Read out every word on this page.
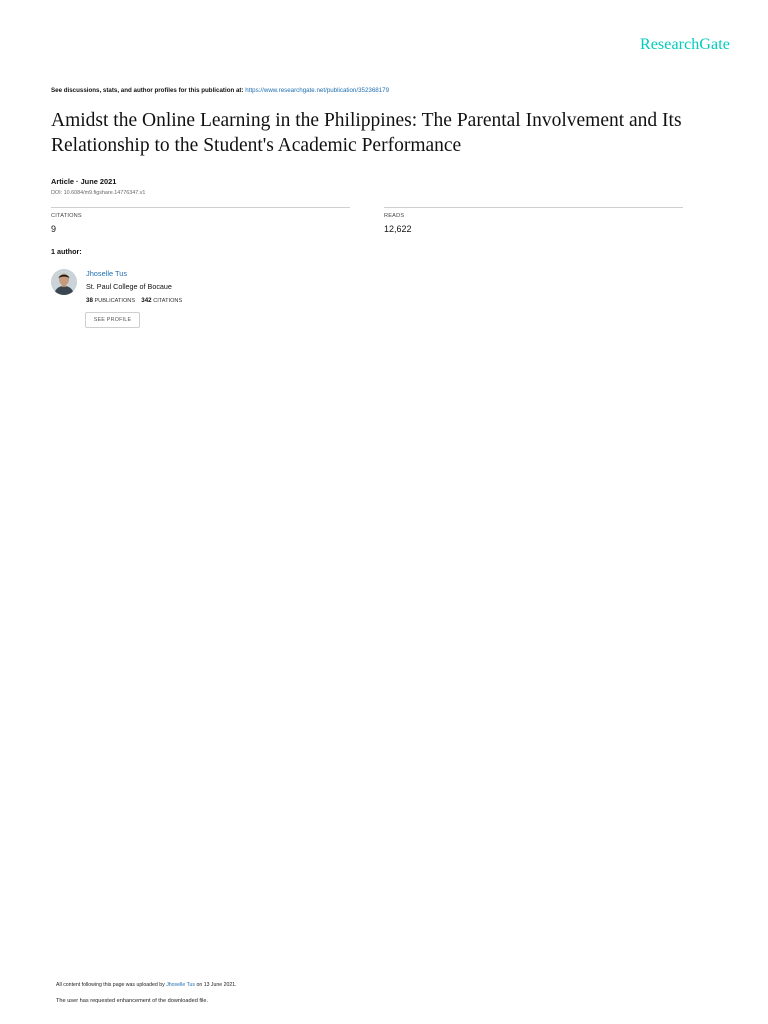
ResearchGate
See discussions, stats, and author profiles for this publication at: https://www.researchgate.net/publication/352368179
Amidst the Online Learning in the Philippines: The Parental Involvement and Its Relationship to the Student's Academic Performance
Article · June 2021
DOI: 10.6084/m9.figshare.14776347.v1
CITATIONS
9
READS
12,622
1 author:
Jhoselle Tus
St. Paul College of Bocaue
38 PUBLICATIONS 342 CITATIONS
SEE PROFILE
All content following this page was uploaded by Jhoselle Tus on 13 June 2021.
The user has requested enhancement of the downloaded file.
